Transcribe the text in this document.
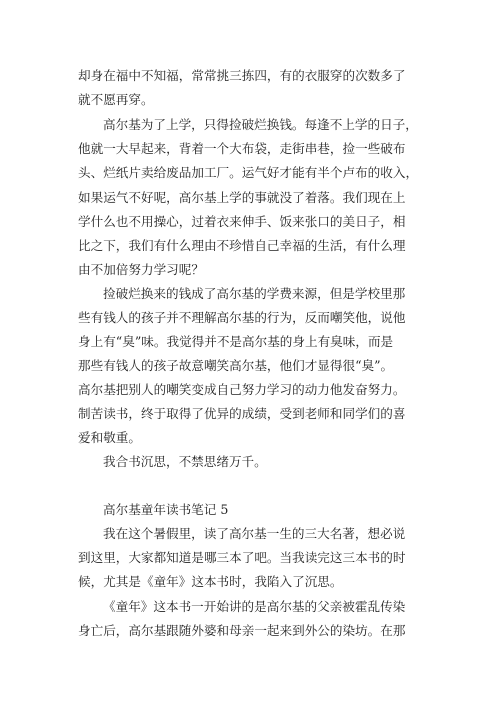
却身在福中不知福，常常挑三拣四，有的衣服穿的次数多了

就不愿再穿。

高尔基为了上学，只得捡破烂换钱。每逢不上学的日子，

他就一大早起来，背着一个大布袋，走街串巷，捡一些破布

头、烂纸片卖给废品加工厂。运气好才能有半个卢布的收入，

如果运气不好呢，高尔基上学的事就没了着落。我们现在上

学什么也不用操心，过着衣来伸手、饭来张口的美日子，相

比之下，我们有什么理由不珍惜自己幸福的生活，有什么理

由不加倍努力学习呢？

捡破烂换来的钱成了高尔基的学费来源，但是学校里那

些有钱人的孩子并不理解高尔基的行为，反而嘲笑他，说他

身上有“臭”味。我觉得并不是高尔基的身上有臭味，而是

那些有钱人的孩子故意嘲笑高尔基，他们才显得很“臭”。

高尔基把别人的嘲笑变成自己努力学习的动力他发奋努力。

制苦读书，终于取得了优异的成绩，受到老师和同学们的喜

爱和敬重。

我合书沉思，不禁思绪万千。

高尔基童年读书笔记 5

我在这个暑假里，读了高尔基一生的三大名著，想必说

到这里，大家都知道是哪三本了吧。当我读完这三本书的时

候，尤其是《童年》这本书时，我陷入了沉思。

《童年》这本书一开始讲的是高尔基的父亲被霍乱传染

身亡后，高尔基跟随外婆和母亲一起来到外公的染坊。在那
